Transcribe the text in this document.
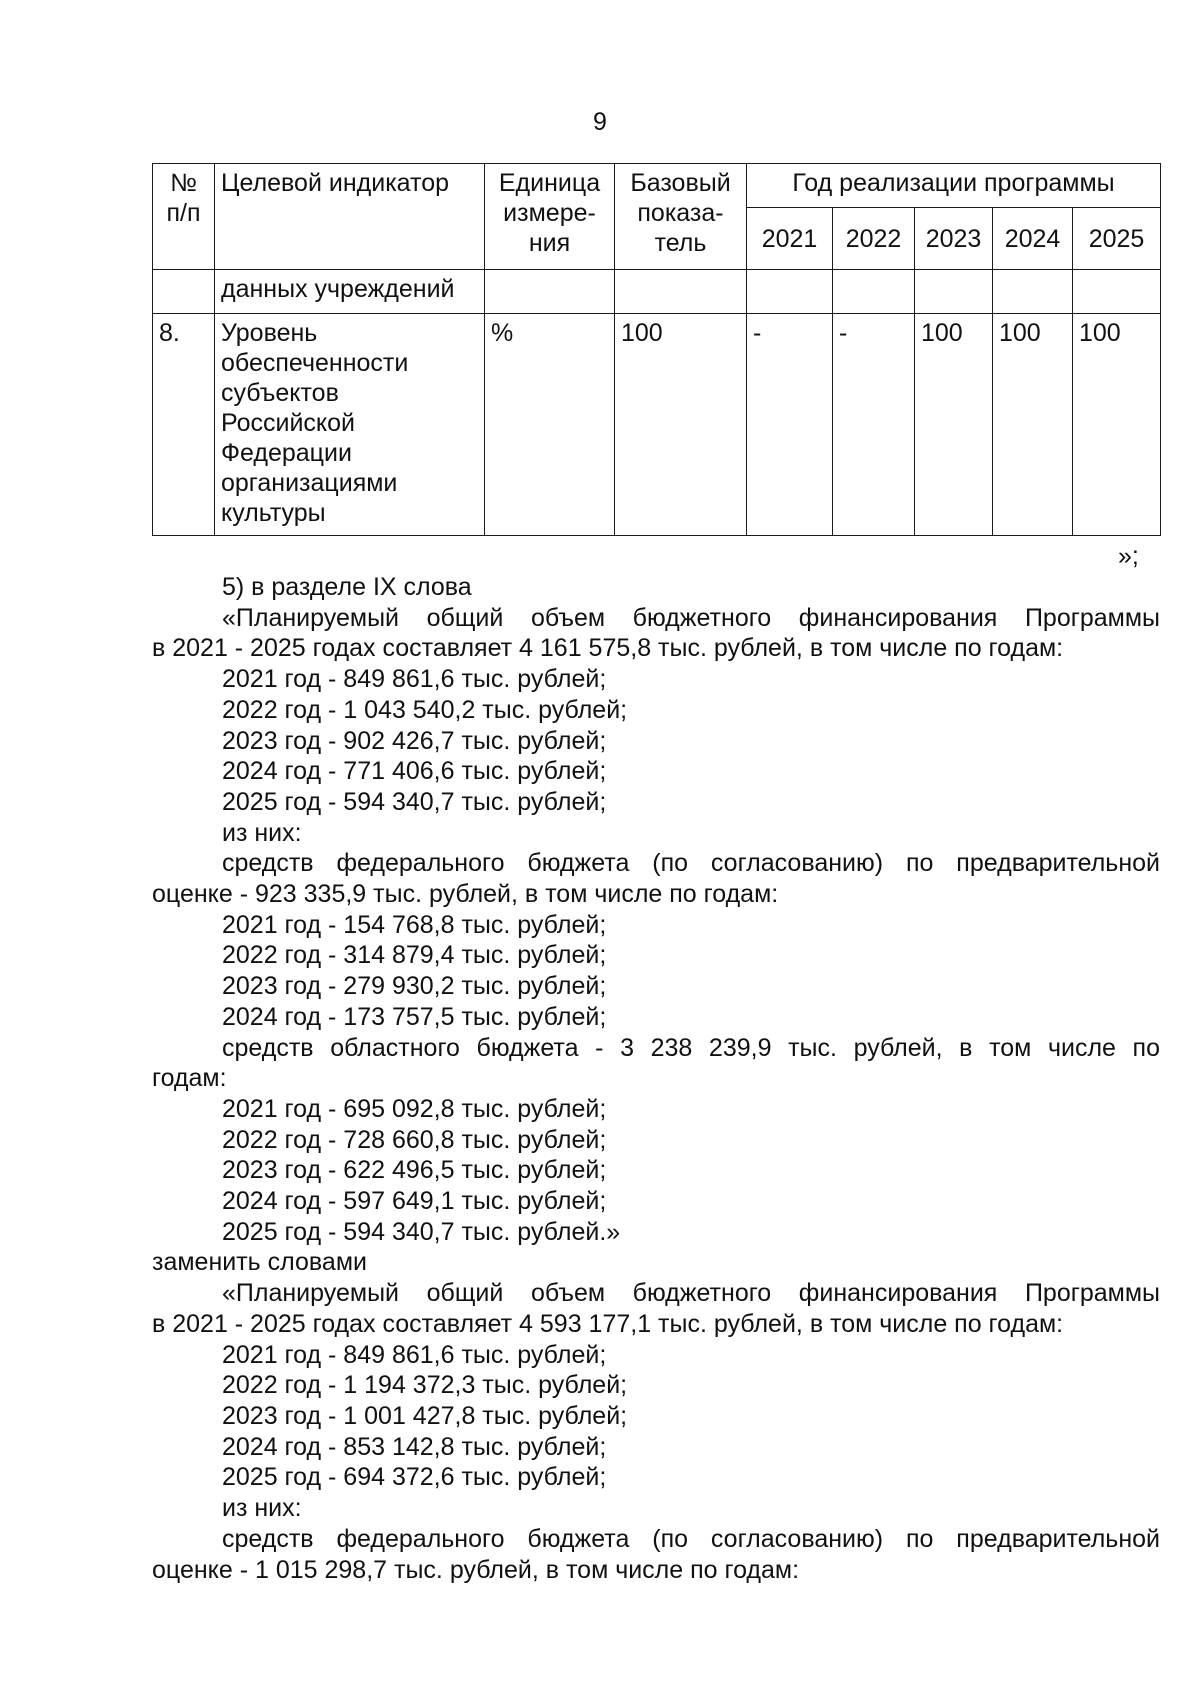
9
№ п/п	Целевой индикатор	Единица измере-ния	Базовый показа-тель	Год реализации программы				
				2021	2022	2023	2024	2025
	данных учреждений							
8.	Уровень обеспеченности субъектов Российской Федерации организациями культуры	%	100	-	-	100	100	100
»;

5) в разделе IX слова

«Планируемый общий объем бюджетного финансирования Программы

в 2021 - 2025 годах составляет 4 161 575,8 тыс. рублей, в том числе по годам:

2021 год - 849 861,6 тыс. рублей;

2022 год - 1 043 540,2 тыс. рублей;

2023 год - 902 426,7 тыс. рублей;

2024 год - 771 406,6 тыс. рублей;

2025 год - 594 340,7 тыс. рублей;

из них:

средств федерального бюджета (по согласованию) по предварительной

оценке - 923 335,9 тыс. рублей, в том числе по годам:

2021 год - 154 768,8 тыс. рублей;

2022 год - 314 879,4 тыс. рублей;

2023 год - 279 930,2 тыс. рублей;

2024 год - 173 757,5 тыс. рублей;

средств областного бюджета - 3 238 239,9 тыс. рублей, в том числе по

годам:

2021 год - 695 092,8 тыс. рублей;

2022 год - 728 660,8 тыс. рублей;

2023 год - 622 496,5 тыс. рублей;

2024 год - 597 649,1 тыс. рублей;

2025 год - 594 340,7 тыс. рублей.»

заменить словами

«Планируемый общий объем бюджетного финансирования Программы

в 2021 - 2025 годах составляет 4 593 177,1 тыс. рублей, в том числе по годам:

2021 год - 849 861,6 тыс. рублей;

2022 год - 1 194 372,3 тыс. рублей;

2023 год - 1 001 427,8 тыс. рублей;

2024 год - 853 142,8 тыс. рублей;

2025 год - 694 372,6 тыс. рублей;

из них:

средств федерального бюджета (по согласованию) по предварительной

оценке - 1 015 298,7 тыс. рублей, в том числе по годам:
